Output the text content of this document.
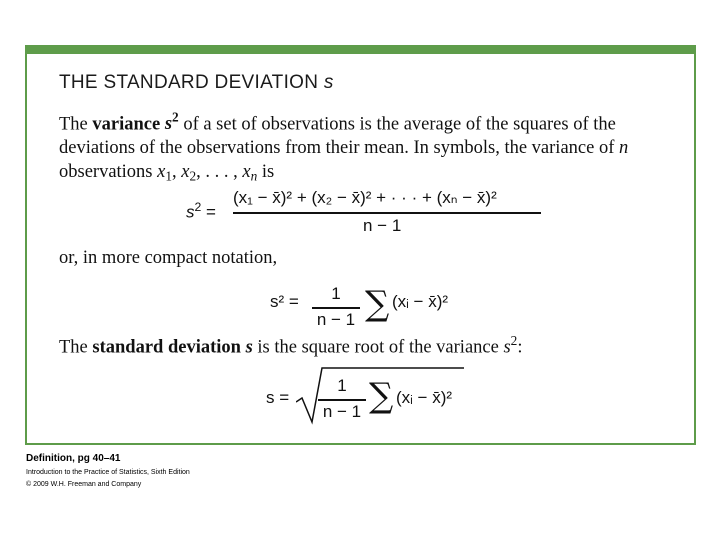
THE STANDARD DEVIATION s
The variance $s^2$ of a set of observations is the average of the squares of the deviations of the observations from their mean. In symbols, the variance of n observations $x_1$, $x_2$, . . . , $x_n$ is
$s^2$ =
(x₁ − x̄)² + (x₂ − x̄)² + · · · + (xₙ − x̄)²
n − 1
or, in more compact notation,
s² =	1
n − 1 ∑ (xᵢ − x̄)²
The standard deviation s is the square root of the variance $s^2$:
s =
1
n − 1 ∑ (xᵢ − x̄)²
Definition, pg 40–41
Introduction to the Practice of Statistics, Sixth Edition
© 2009 W.H. Freeman and Company
